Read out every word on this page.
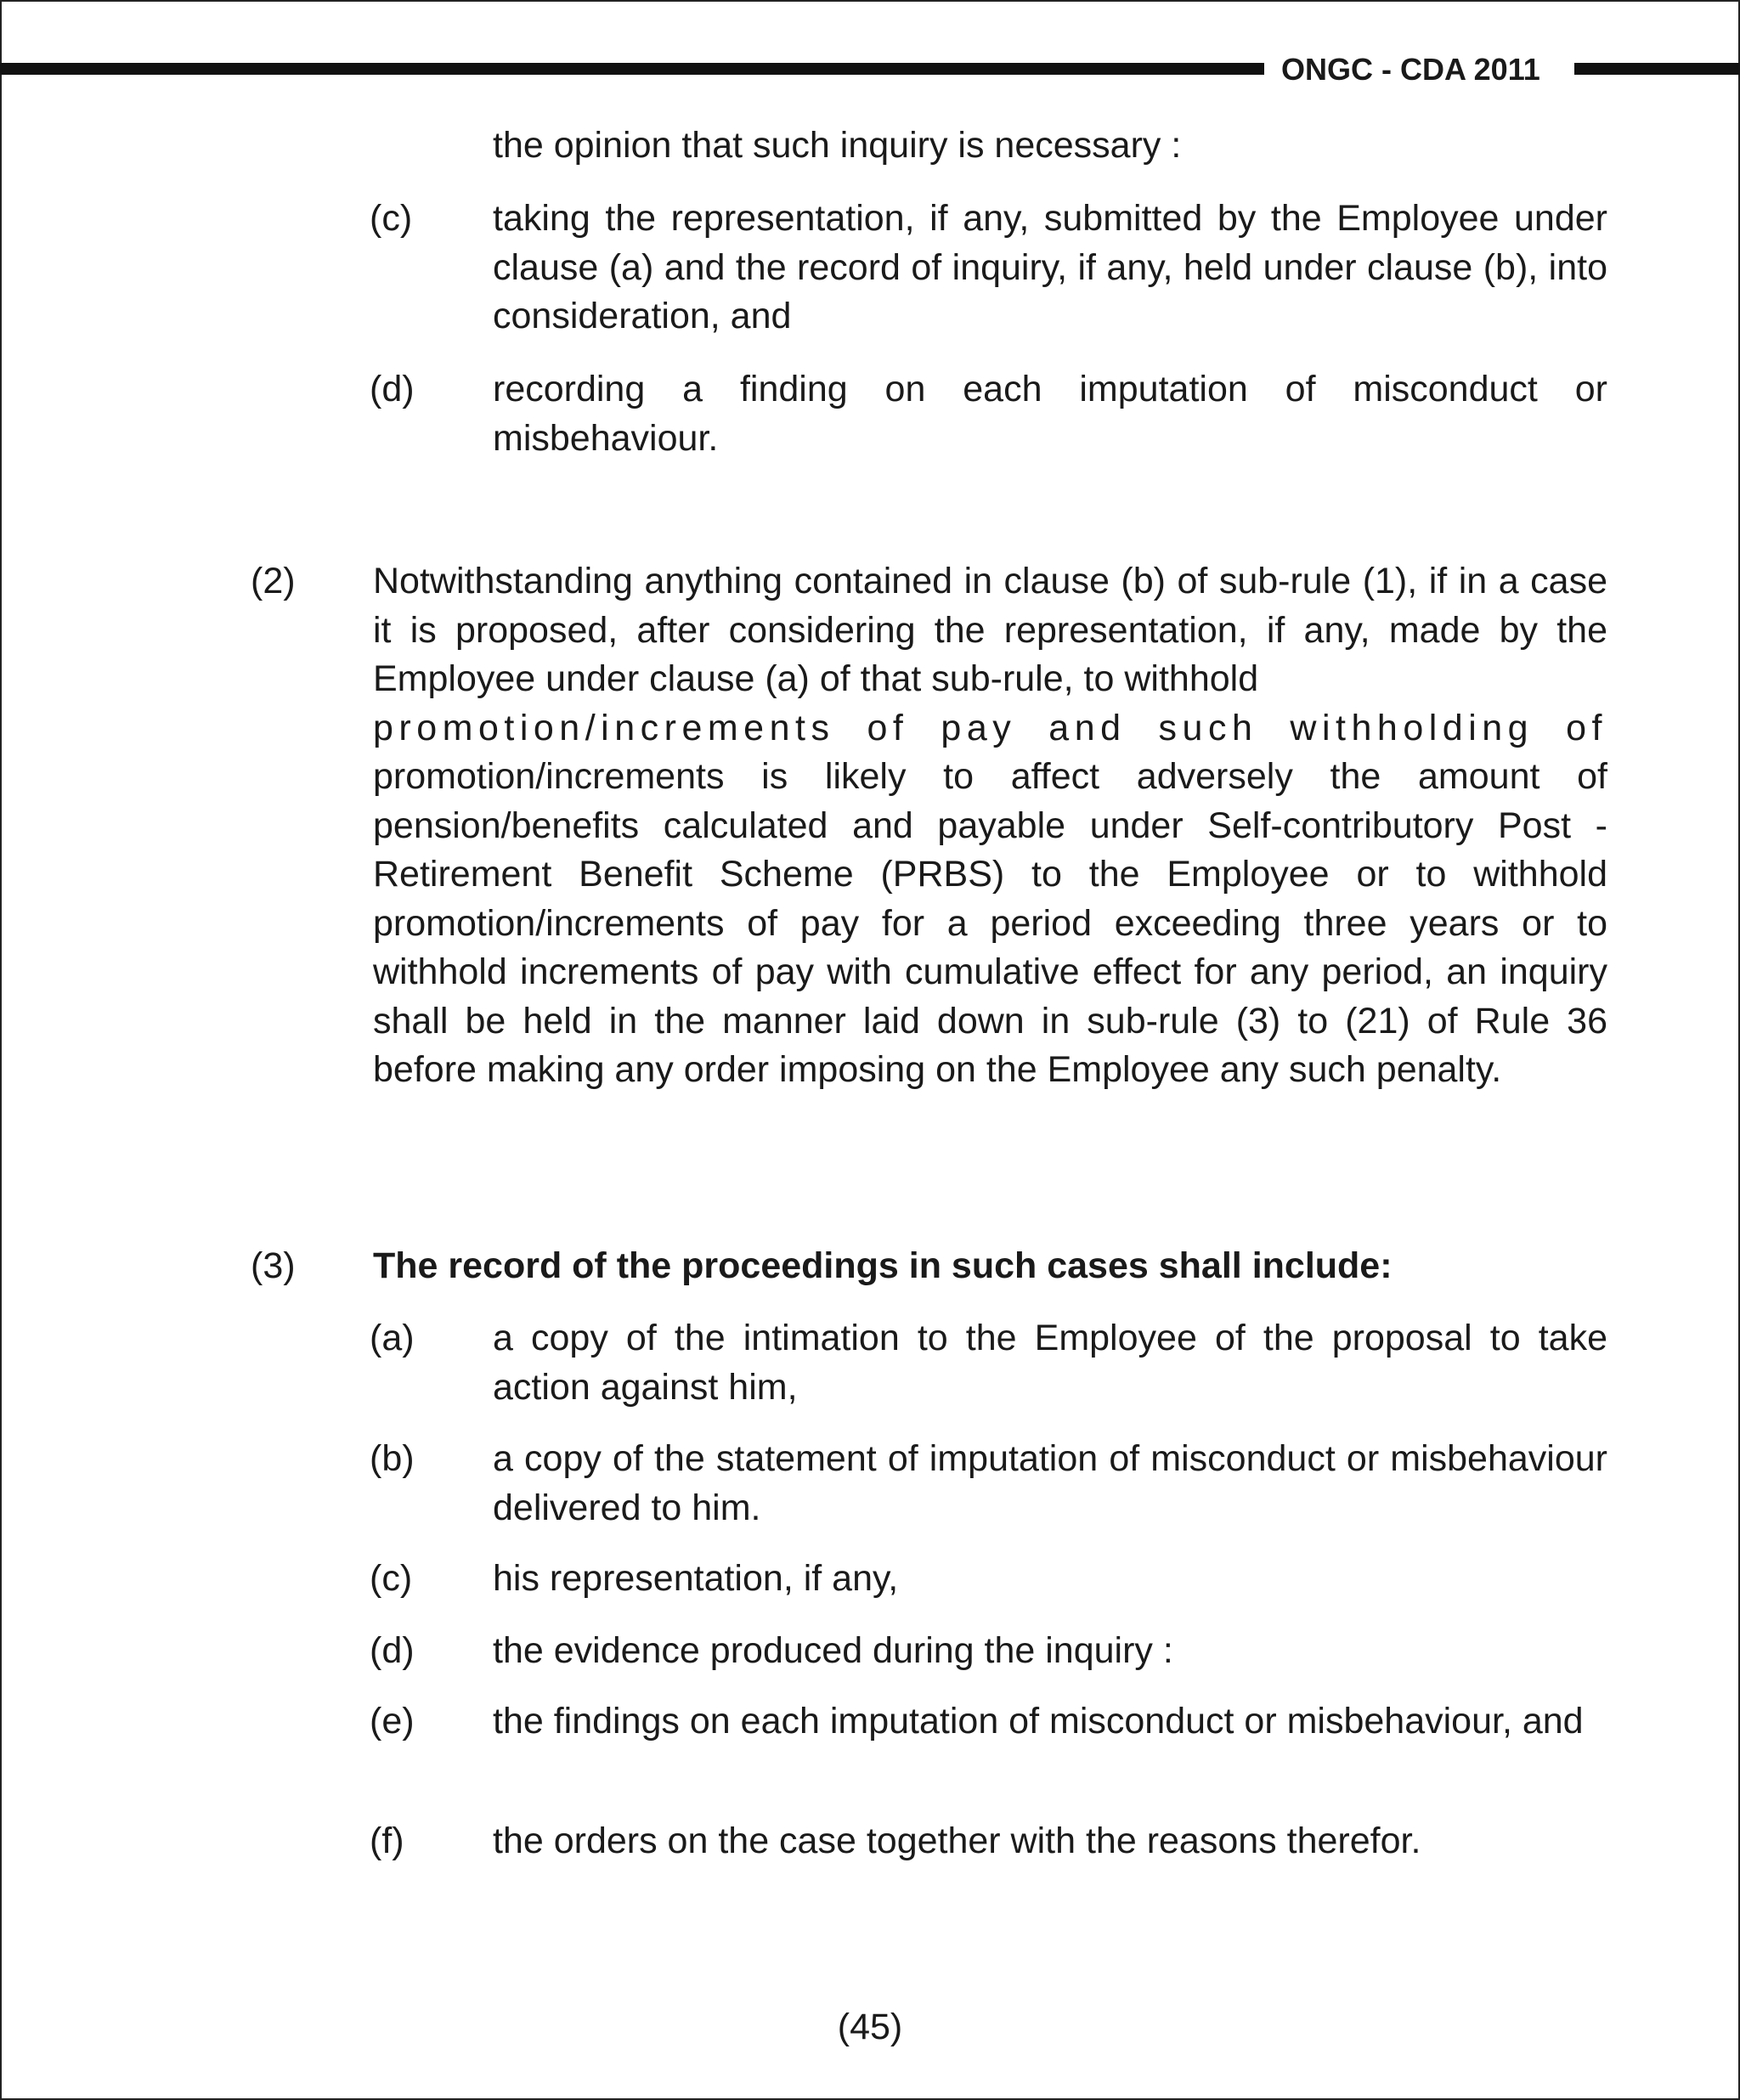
ONGC - CDA 2011
the opinion that such inquiry is necessary :
(c) taking the representation, if any, submitted by the Employee under clause (a) and the record of inquiry, if any, held under clause (b), into consideration, and
(d) recording a finding on each imputation of misconduct or misbehaviour.
(2) Notwithstanding anything contained in clause (b) of sub-rule (1), if in a case it is proposed, after considering the representation, if any, made by the Employee under clause (a) of that sub-rule, to withhold
promotion/increments of pay and such withholding of
promotion/increments is likely to affect adversely the amount of pension/benefits calculated and payable under Self-contributory Post - Retirement Benefit Scheme (PRBS) to the Employee or to withhold promotion/increments of pay for a period exceeding three years or to withhold increments of pay with cumulative effect for any period, an inquiry shall be held in the manner laid down in sub-rule (3) to (21) of Rule 36 before making any order imposing on the Employee any such penalty.
(3) The record of the proceedings in such cases shall include:
(a) a copy of the intimation to the Employee of the proposal to take action against him,
(b) a copy of the statement of imputation of misconduct or misbehaviour delivered to him.
(c) his representation, if any,
(d) the evidence produced during the inquiry :
(e) the findings on each imputation of misconduct or misbehaviour, and
(f) the orders on the case together with the reasons therefor.
(45)
